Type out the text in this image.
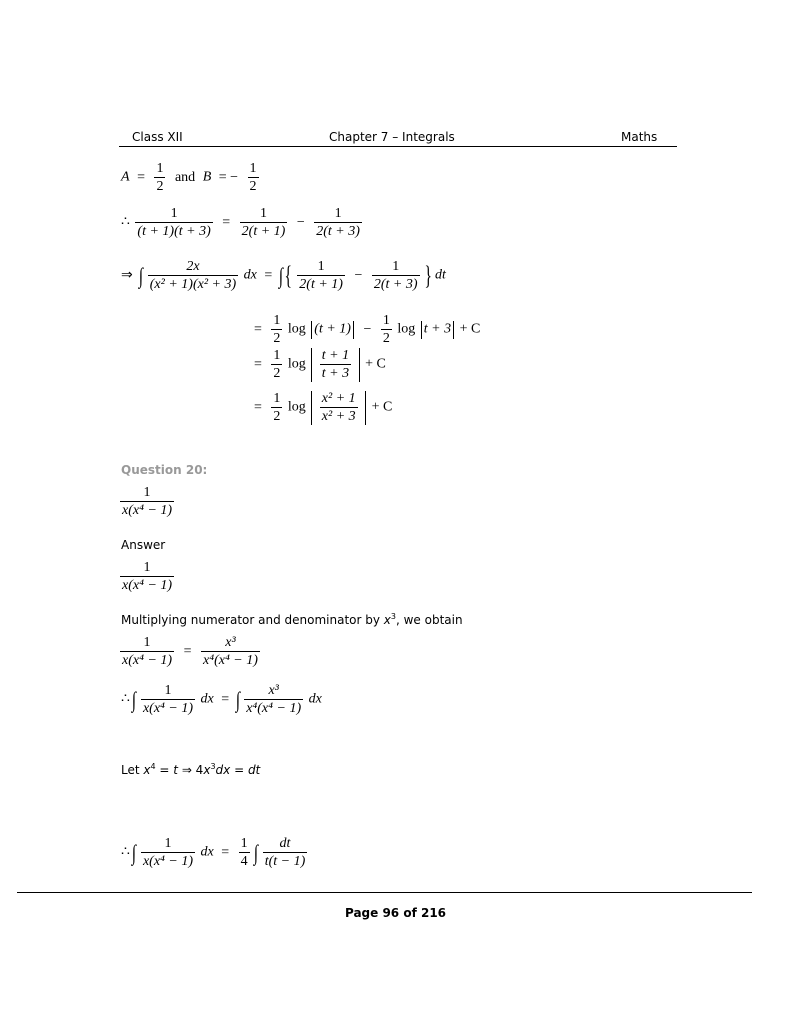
Class XII	Chapter 7 – Integrals	Maths
$A = \frac{1}{2}$ and B = − $\frac{1}{2}$
∴ $\frac{1}{(t + 1)(t + 3)} = \frac{1}{2(t + 1)} - \frac{1}{2(t + 3)}$
⇒ ∫ $\frac{2x}{\text{(x² + 1)(x² + 3)}}$ dx = ∫ { $\frac{1}{2(t + 1)} - \frac{1}{2(t + 3)}$ } dt
= $\frac{1}{2}$ $\log (t + 1) - \frac{1}{2}$ log t + 3 + C
= $\frac{1}{2}$ $\log \frac{t + 1}{t + 3} + C$
= $\frac{1}{2}$ $\log \frac{\text{x² + 1}}{\text{x² + 3}} + C$
Question 20:
$\frac{1}{\text{x(x⁴ − 1)}}$
Answer
$\frac{1}{\text{x(x⁴ − 1)}}$
Multiplying numerator and denominator by $x^3$, we obtain
$\frac{1}{\text{x(x⁴ − 1)}} = \frac{\text{x³}}{\text{x⁴(x⁴ − 1)}}$
∴ ∫ $\frac{1}{\text{x(x⁴ − 1)}}$ dx = ∫ $\frac{\text{x³}}{\text{x⁴(x⁴ − 1)}}$ dx
Let $x^4 = t$ ⇒ $4x^3dx$ = dt
∴ ∫ $\frac{1}{\text{x(x⁴ − 1)}}$ dx = $\frac{1}{4}$ ∫ $\frac{dt}{t(t - 1)}$
Page 96 of 216
